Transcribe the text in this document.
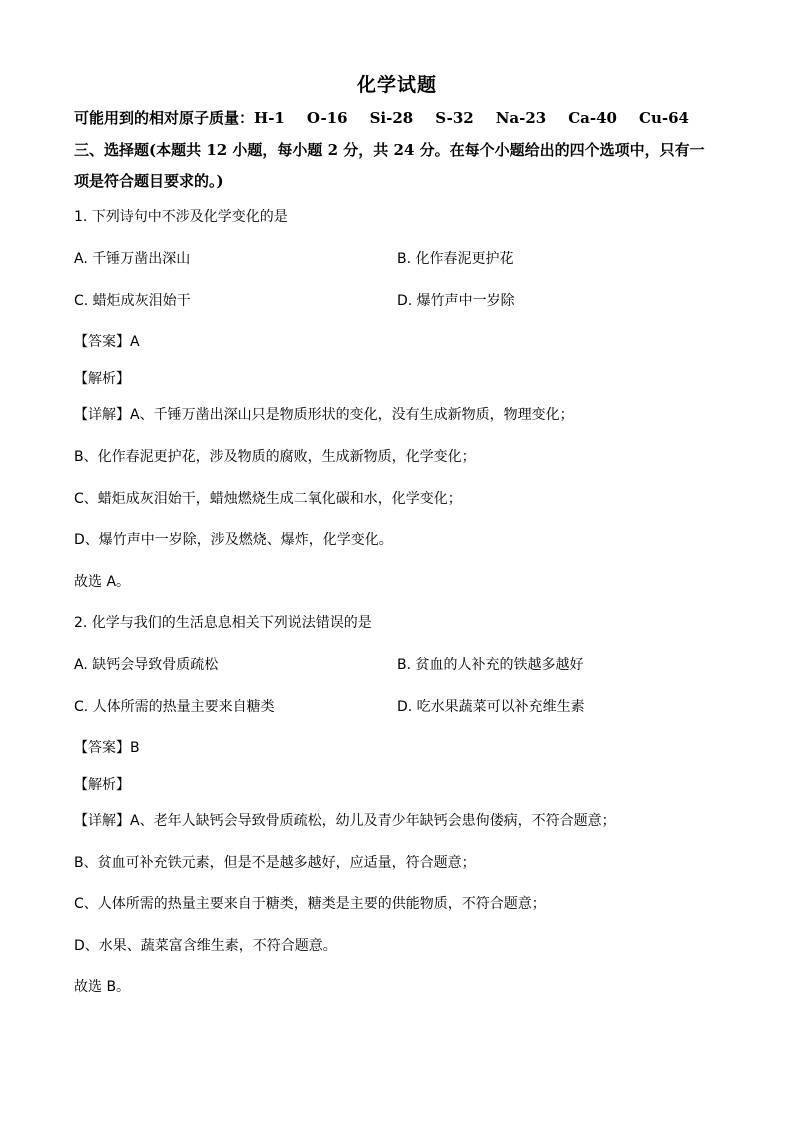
化学试题
可能用到的相对原子质量：H-1 O-16 Si-28 S-32 Na-23 Ca-40 Cu-64
三、选择题(本题共 12 小题，每小题 2 分，共 24 分。在每个小题给出的四个选项中，只有一
项是符合题目要求的。)
1. 下列诗句中不涉及化学变化的是
A. 千锤万凿出深山	B. 化作春泥更护花
C. 蜡炬成灰泪始干	D. 爆竹声中一岁除
【答案】A
【解析】
【详解】A、千锤万凿出深山只是物质形状的变化，没有生成新物质，物理变化；
B、化作春泥更护花，涉及物质的腐败，生成新物质，化学变化；
C、蜡炬成灰泪始干，蜡烛燃烧生成二氧化碳和水，化学变化；
D、爆竹声中一岁除，涉及燃烧、爆炸，化学变化。
故选 A。
2. 化学与我们的生活息息相关下列说法错误的是
A. 缺钙会导致骨质疏松	B. 贫血的人补充的铁越多越好
C. 人体所需的热量主要来自糖类	D. 吃水果蔬菜可以补充维生素
【答案】B
【解析】
【详解】A、老年人缺钙会导致骨质疏松，幼儿及青少年缺钙会患佝偻病，不符合题意；
B、贫血可补充铁元素，但是不是越多越好，应适量，符合题意；
C、人体所需的热量主要来自于糖类，糖类是主要的供能物质，不符合题意；
D、水果、蔬菜富含维生素，不符合题意。
故选 B。
